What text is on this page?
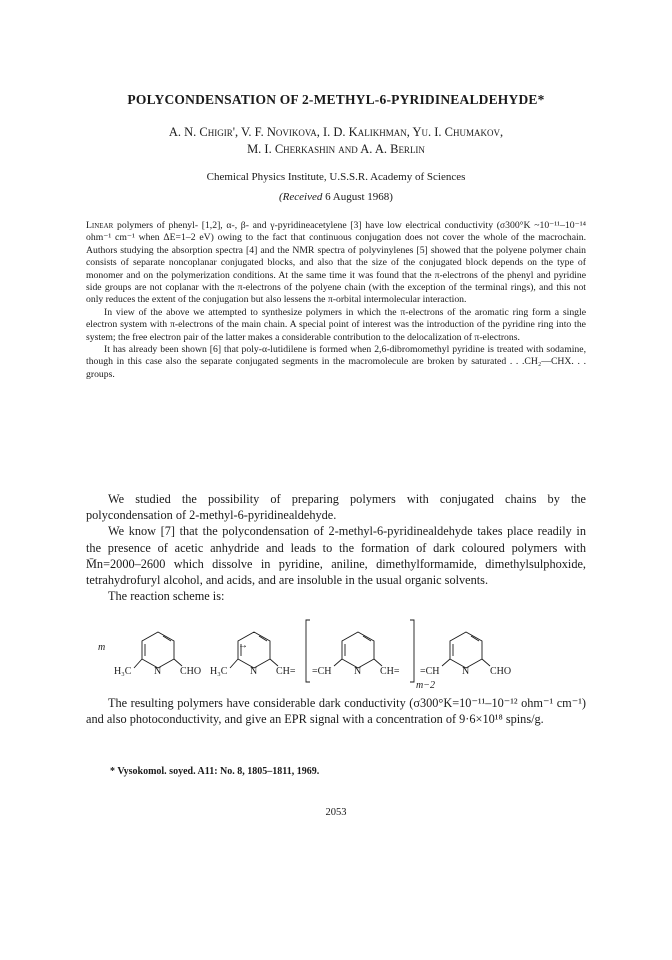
POLYCONDENSATION OF 2-METHYL-6-PYRIDINEALDEHYDE*
A. N. Chigir', V. F. Novikova, I. D. Kalikhman, Yu. I. Chumakov,
M. I. Cherkashin and A. A. Berlin
Chemical Physics Institute, U.S.S.R. Academy of Sciences
(Received 6 August 1968)

Linear polymers of phenyl- [1,2], α-, β- and γ-pyridineacetylene [3] have low electrical conductivity (σ300°K ~10⁻¹¹–10⁻¹⁴ ohm⁻¹ cm⁻¹ when ΔE=1–2 eV) owing to the fact that continuous conjugation does not cover the whole of the macrochain. Authors studying the absorption spectra [4] and the NMR spectra of polyvinylenes [5] showed that the polyene polymer chain consists of separate noncoplanar conjugated blocks, and also that the size of the conjugated block depends on the type of monomer and on the polymerization conditions. At the same time it was found that the π-electrons of the phenyl and pyridine side groups are not coplanar with the π-electrons of the polyene chain (with the exception of the terminal rings), and this not only reduces the extent of the conjugation but also lessens the π-orbital intermolecular interaction.

In view of the above we attempted to synthesize polymers in which the π-electrons of the aromatic ring form a single electron system with π-electrons of the main chain. A special point of interest was the introduction of the pyridine ring into the system; the free electron pair of the latter makes a considerable contribution to the delocalization of π-electrons.

It has already been shown [6] that poly-α-lutidilene is formed when 2,6-dibromomethyl pyridine is treated with sodamine, though in this case also the separate conjugated segments in the macromolecule are broken by saturated . . .CH₂—CHX. . . groups.

We studied the possibility of preparing polymers with conjugated chains by the polycondensation of 2-methyl-6-pyridinealdehyde.

We know [7] that the polycondensation of 2-methyl-6-pyridinealdehyde takes place readily in the presence of acetic anhydride and leads to the formation of dark coloured polymers with M̄n=2000–2600 which dissolve in pyridine, aniline, dimethylformamide, dimethylsulphoxide, tetrahydrofuryl alcohol, and acids, and are insoluble in the usual organic solvents.

The reaction scheme is:

m
H₃C N CHO
→
H₃C N CH= =CH N CH=
m−2
=CH N CHO

The resulting polymers have considerable dark conductivity (σ300°K=10⁻¹¹–10⁻¹² ohm⁻¹ cm⁻¹) and also photoconductivity, and give an EPR signal with a concentration of 9·6×10¹⁸ spins/g.

* Vysokomol. soyed. A11: No. 8, 1805–1811, 1969.
2053
